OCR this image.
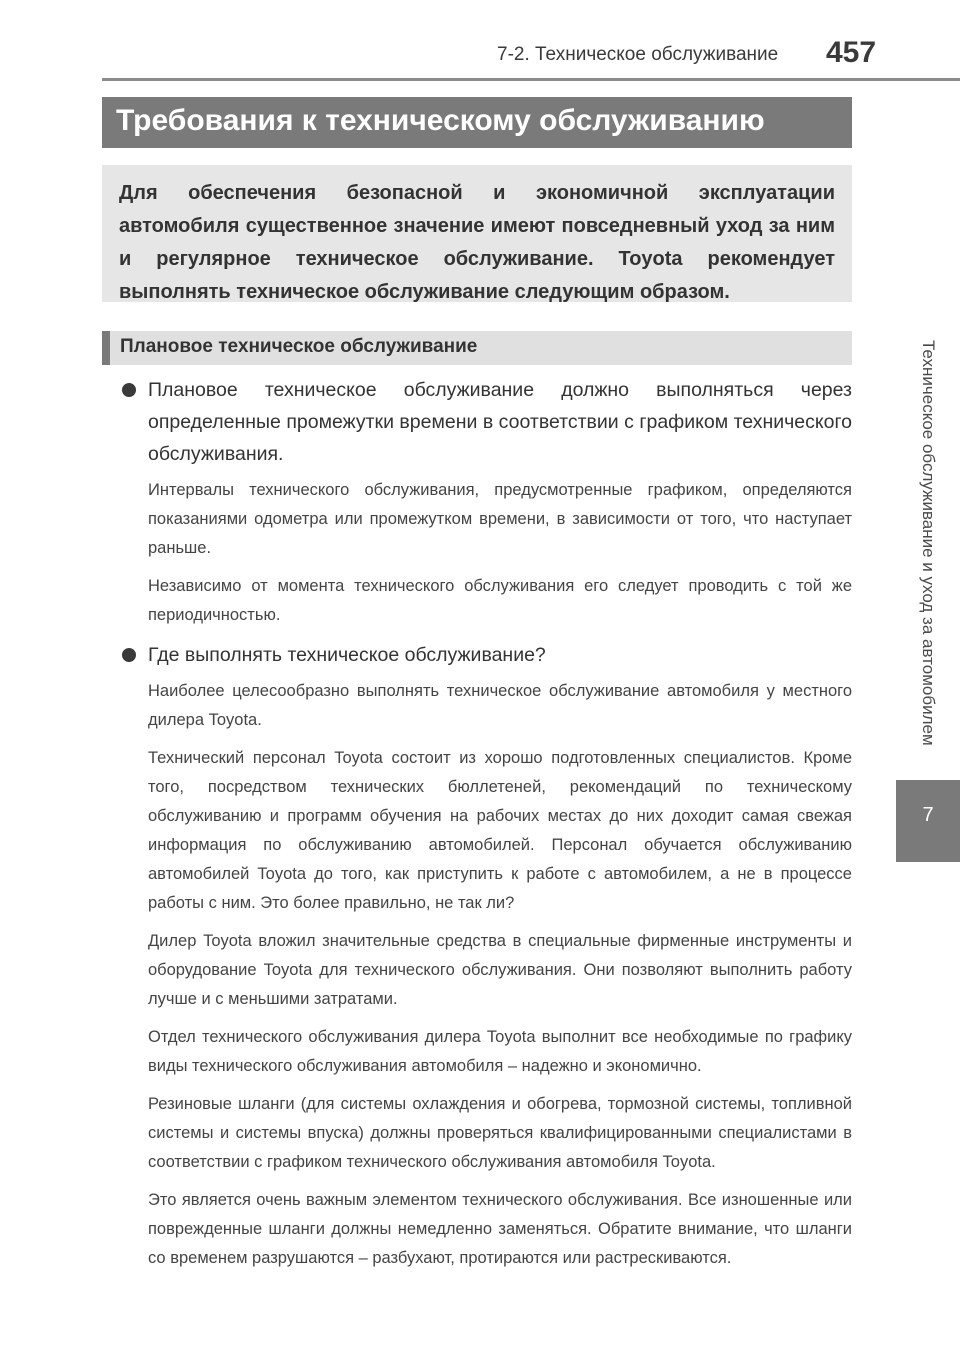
7-2. Техническое обслуживание 457
Техническое обслуживание и уход за автомобилем
7
Требования к техническому обслуживанию
Для обеспечения безопасной и экономичной эксплуатации автомобиля существенное значение имеют повседневный уход за ним и регулярное техническое обслуживание. Toyota рекомендует выполнять техническое обслуживание следующим образом.
Плановое техническое обслуживание
Плановое техническое обслуживание должно выполняться через определенные промежутки времени в соответствии с графиком технического обслуживания.
Интервалы технического обслуживания, предусмотренные графиком, определяются показаниями одометра или промежутком времени, в зависимости от того, что наступает раньше.
Независимо от момента технического обслуживания его следует проводить с той же периодичностью.
Где выполнять техническое обслуживание?
Наиболее целесообразно выполнять техническое обслуживание автомобиля у местного дилера Toyota.
Технический персонал Toyota состоит из хорошо подготовленных специалистов. Кроме того, посредством технических бюллетеней, рекомендаций по техническому обслуживанию и программ обучения на рабочих местах до них доходит самая свежая информация по обслуживанию автомобилей. Персонал обучается обслуживанию автомобилей Toyota до того, как приступить к работе с автомобилем, а не в процессе работы с ним. Это более правильно, не так ли?
Дилер Toyota вложил значительные средства в специальные фирменные инструменты и оборудование Toyota для технического обслуживания. Они позволяют выполнить работу лучше и с меньшими затратами.
Отдел технического обслуживания дилера Toyota выполнит все необходимые по графику виды технического обслуживания автомобиля – надежно и экономично.
Резиновые шланги (для системы охлаждения и обогрева, тормозной системы, топливной системы и системы впуска) должны проверяться квалифицированными специалистами в соответствии с графиком технического обслуживания автомобиля Toyota.
Это является очень важным элементом технического обслуживания. Все изношенные или поврежденные шланги должны немедленно заменяться. Обратите внимание, что шланги со временем разрушаются – разбухают, протираются или растрескиваются.
